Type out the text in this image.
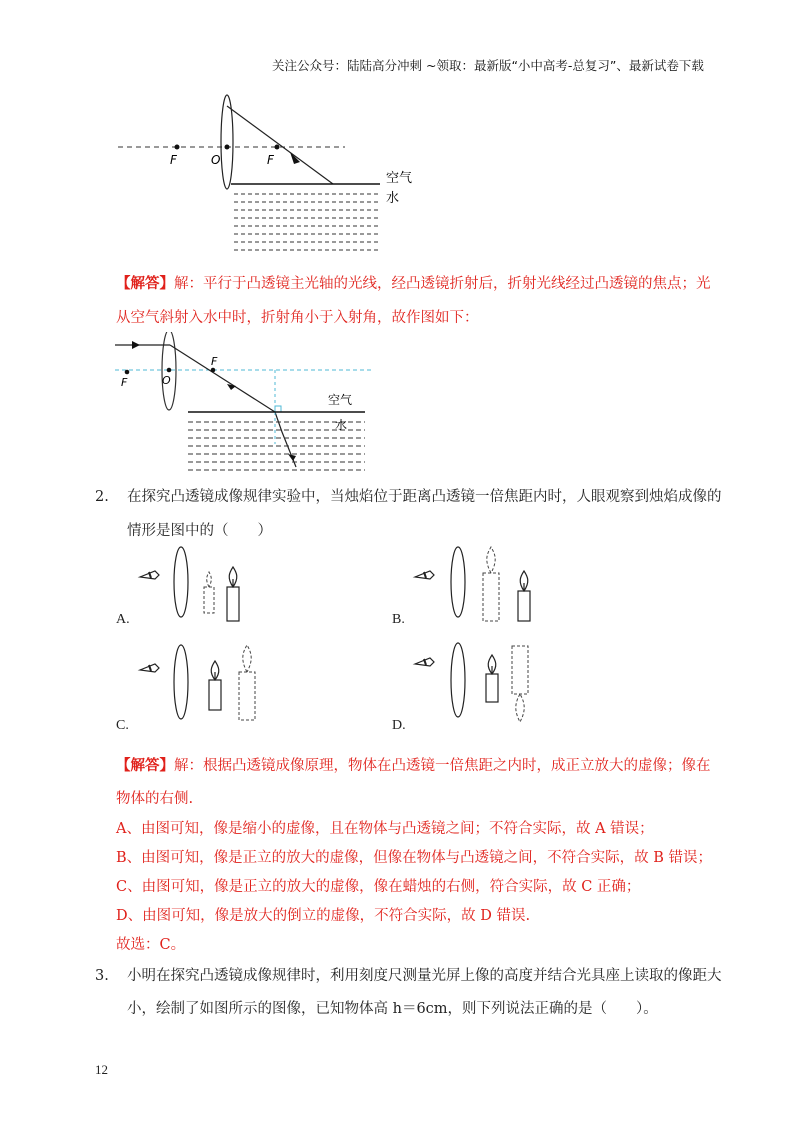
关注公众号：陆陆高分冲刺 ~领取：最新版“小中高考-总复习”、最新试卷下载
F	O	F
空气
水
【解答】解：平行于凸透镜主光轴的光线，经凸透镜折射后，折射光线经过凸透镜的焦点；光
从空气斜射入水中时，折射角小于入射角，故作图如下：
F	O
F
空气
水
2. 在探究凸透镜成像规律实验中，当烛焰位于距离凸透镜一倍焦距内时，人眼观察到烛焰成像的
情形是图中的（　　）
A.	B.
C.	D.
【解答】解：根据凸透镜成像原理，物体在凸透镜一倍焦距之内时，成正立放大的虚像；像在
物体的右侧.
A、由图可知，像是缩小的虚像，且在物体与凸透镜之间；不符合实际，故 A 错误；
B、由图可知，像是正立的放大的虚像，但像在物体与凸透镜之间，不符合实际，故 B 错误；
C、由图可知，像是正立的放大的虚像，像在蜡烛的右侧，符合实际，故 C 正确；
D、由图可知，像是放大的倒立的虚像，不符合实际，故 D 错误.
故选：C。
3. 小明在探究凸透镜成像规律时，利用刻度尺测量光屏上像的高度并结合光具座上读取的像距大
小，绘制了如图所示的图像，已知物体高 h＝6cm，则下列说法正确的是（　　）。
12
